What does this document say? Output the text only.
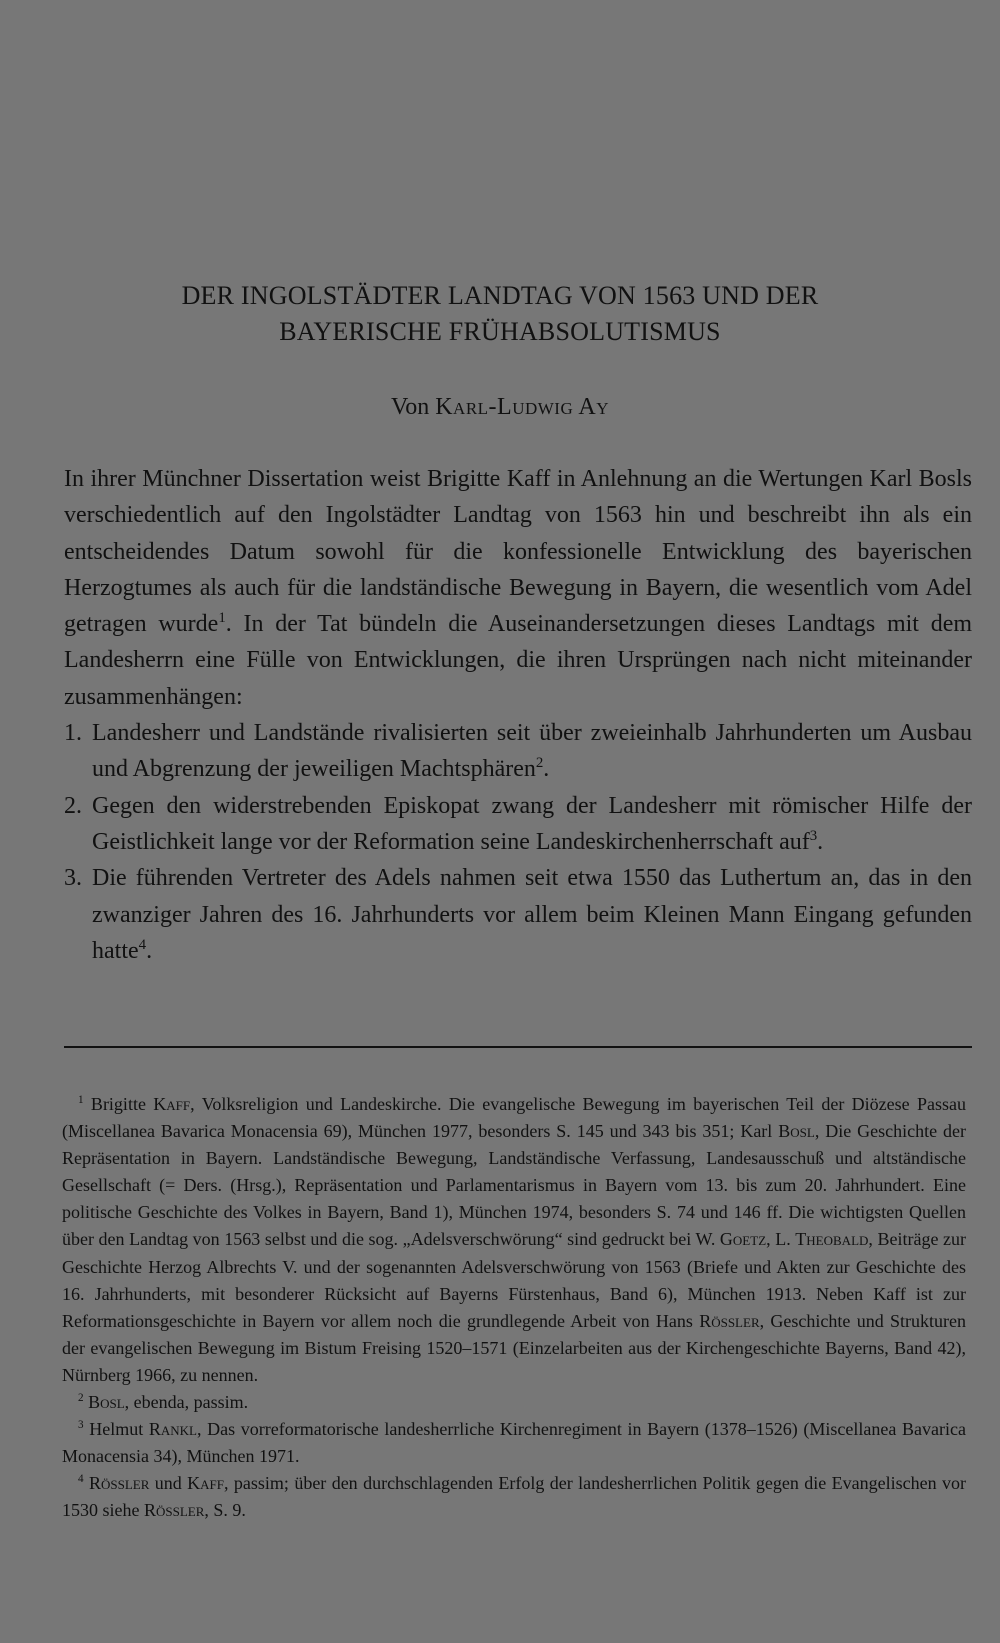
DER INGOLSTÄDTER LANDTAG VON 1563 UND DER
BAYERISCHE FRÜHABSOLUTISMUS
Von Karl-Ludwig Ay

In ihrer Münchner Dissertation weist Brigitte Kaff in Anlehnung an die Wertungen Karl Bosls verschiedentlich auf den Ingolstädter Landtag von 1563 hin und beschreibt ihn als ein entscheidendes Datum sowohl für die konfessionelle Entwicklung des bayerischen Herzogtumes als auch für die landständische Bewegung in Bayern, die wesentlich vom Adel getragen wurde$^1$. In der Tat bündeln die Auseinandersetzungen dieses Landtags mit dem Landesherrn eine Fülle von Entwicklungen, die ihren Ursprüngen nach nicht miteinander zusammenhängen:

1. Landesherr und Landstände rivalisierten seit über zweieinhalb Jahrhunderten um Ausbau und Abgrenzung der jeweiligen Machtsphären$^2$.
2. Gegen den widerstrebenden Episkopat zwang der Landesherr mit römischer Hilfe der Geistlichkeit lange vor der Reformation seine Landeskirchenherrschaft auf$^3$.
3. Die führenden Vertreter des Adels nahmen seit etwa 1550 das Luthertum an, das in den zwanziger Jahren des 16. Jahrhunderts vor allem beim Kleinen Mann Eingang gefunden hatte$^4$.

$^1$ Brigitte Kaff, Volksreligion und Landeskirche. Die evangelische Bewegung im bayerischen Teil der Diözese Passau (Miscellanea Bavarica Monacensia 69), München 1977, besonders S. 145 und 343 bis 351; Karl Bosl, Die Geschichte der Repräsentation in Bayern. Landständische Bewegung, Landständische Verfassung, Landesausschuß und altständische Gesellschaft (= Ders. (Hrsg.), Repräsentation und Parlamentarismus in Bayern vom 13. bis zum 20. Jahrhundert. Eine politische Geschichte des Volkes in Bayern, Band 1), München 1974, besonders S. 74 und 146 ff. Die wichtigsten Quellen über den Landtag von 1563 selbst und die sog. „Adelsverschwörung“ sind gedruckt bei W. Goetz, L. Theobald, Beiträge zur Geschichte Herzog Albrechts V. und der sogenannten Adelsverschwörung von 1563 (Briefe und Akten zur Geschichte des 16. Jahrhunderts, mit besonderer Rücksicht auf Bayerns Fürstenhaus, Band 6), München 1913. Neben Kaff ist zur Reformationsgeschichte in Bayern vor allem noch die grundlegende Arbeit von Hans Rössler, Geschichte und Strukturen der evangelischen Bewegung im Bistum Freising 1520–1571 (Einzelarbeiten aus der Kirchengeschichte Bayerns, Band 42), Nürnberg 1966, zu nennen.

$^2$ Bosl, ebenda, passim.

$^3$ Helmut Rankl, Das vorreformatorische landesherrliche Kirchenregiment in Bayern (1378–1526) (Miscellanea Bavarica Monacensia 34), München 1971.

$^4$ Rössler und Kaff, passim; über den durchschlagenden Erfolg der landesherrlichen Politik gegen die Evangelischen vor 1530 siehe Rössler, S. 9.
